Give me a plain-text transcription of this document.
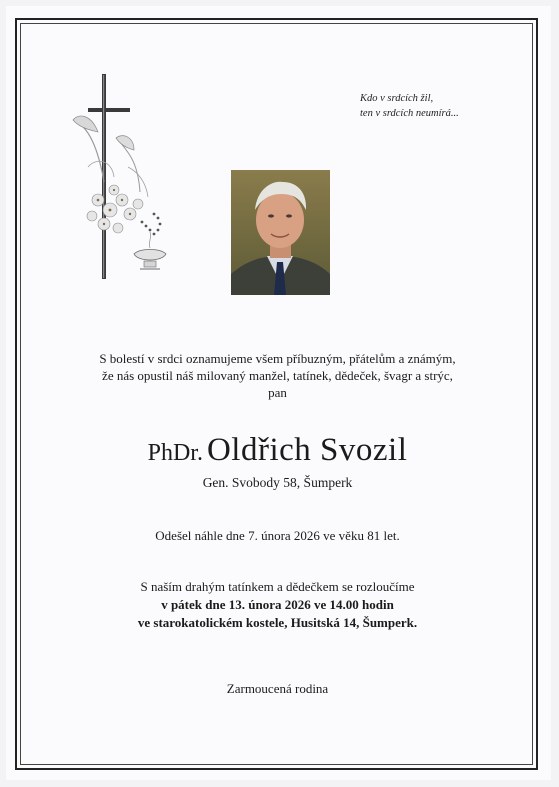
Kdo v srdcích žil,
ten v srdcích neumírá...
S bolestí v srdci oznamujeme všem příbuzným, přátelům a známým,
že nás opustil náš milovaný manžel, tatínek, dědeček, švagr a strýc,
pan
PhDr. Oldřich Svozil
Gen. Svobody 58, Šumperk
Odešel náhle dne 7. února 2026 ve věku 81 let.
S naším drahým tatínkem a dědečkem se rozloučíme
v pátek dne 13. února 2026 ve 14.00 hodin
ve starokatolickém kostele, Husitská 14, Šumperk.
Zarmoucená rodina
